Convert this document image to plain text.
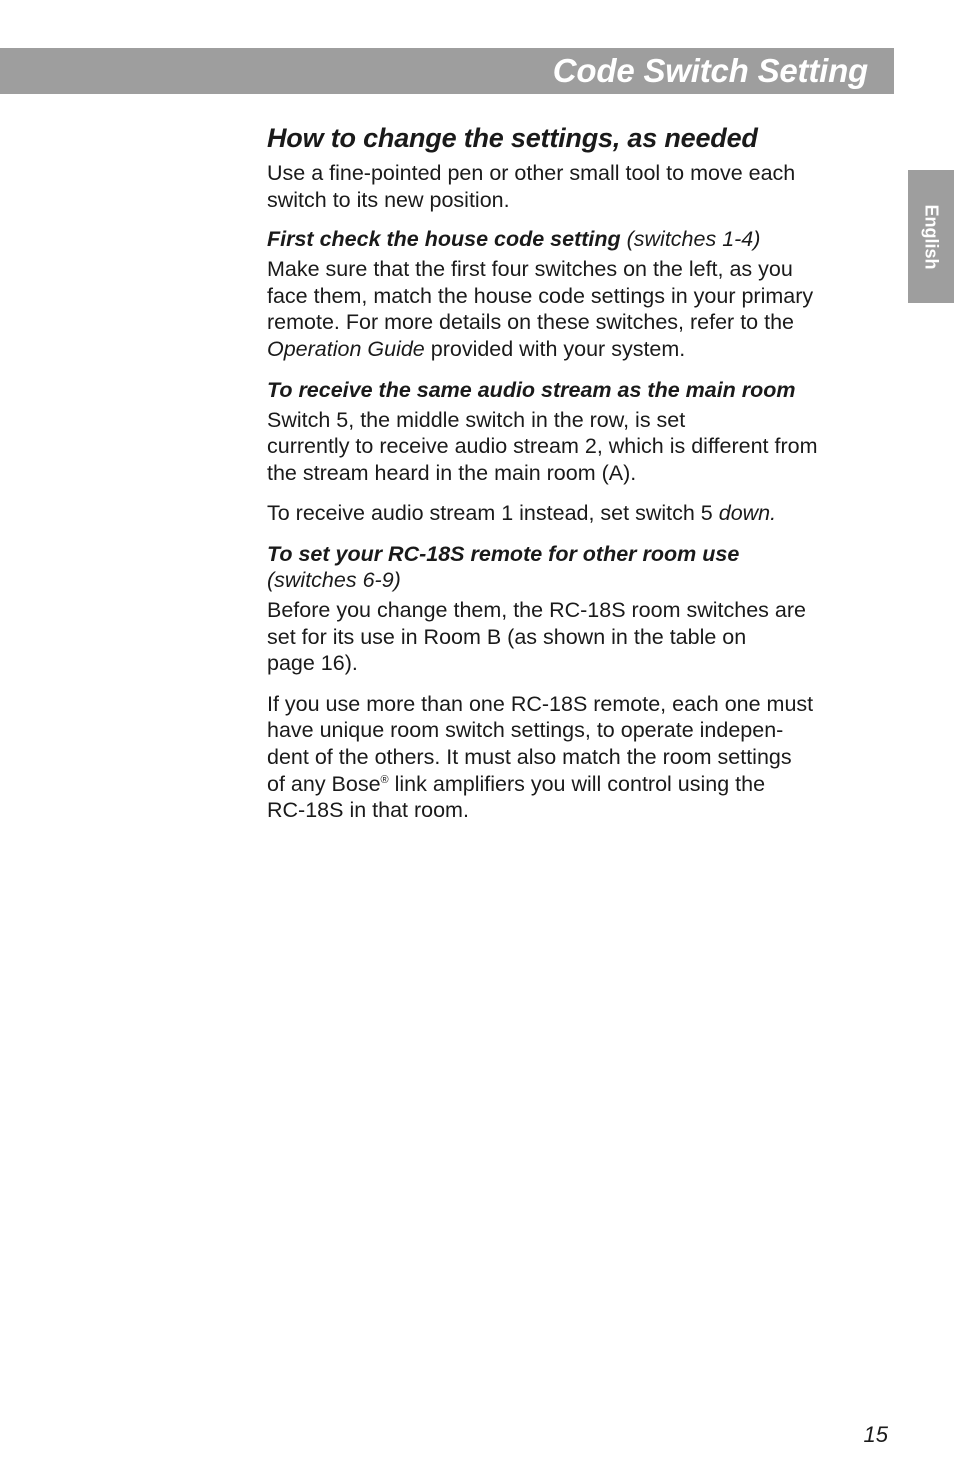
Code Switch Setting
English
How to change the settings, as needed
Use a fine-pointed pen or other small tool to move each
switch to its new position.
First check the house code setting (switches 1-4)
Make sure that the first four switches on the left, as you
face them, match the house code settings in your primary
remote. For more details on these switches, refer to the
Operation Guide provided with your system.
To receive the same audio stream as the main room
Switch 5, the middle switch in the row, is set
currently to receive audio stream 2, which is different from
the stream heard in the main room (A).
To receive audio stream 1 instead, set switch 5 down.
To set your RC-18S remote for other room use
(switches 6-9)
Before you change them, the RC-18S room switches are
set for its use in Room B (as shown in the table on
page 16).
If you use more than one RC-18S remote, each one must
have unique room switch settings, to operate indepen-
dent of the others. It must also match the room settings
of any Bose® link amplifiers you will control using the
RC-18S in that room.
15
